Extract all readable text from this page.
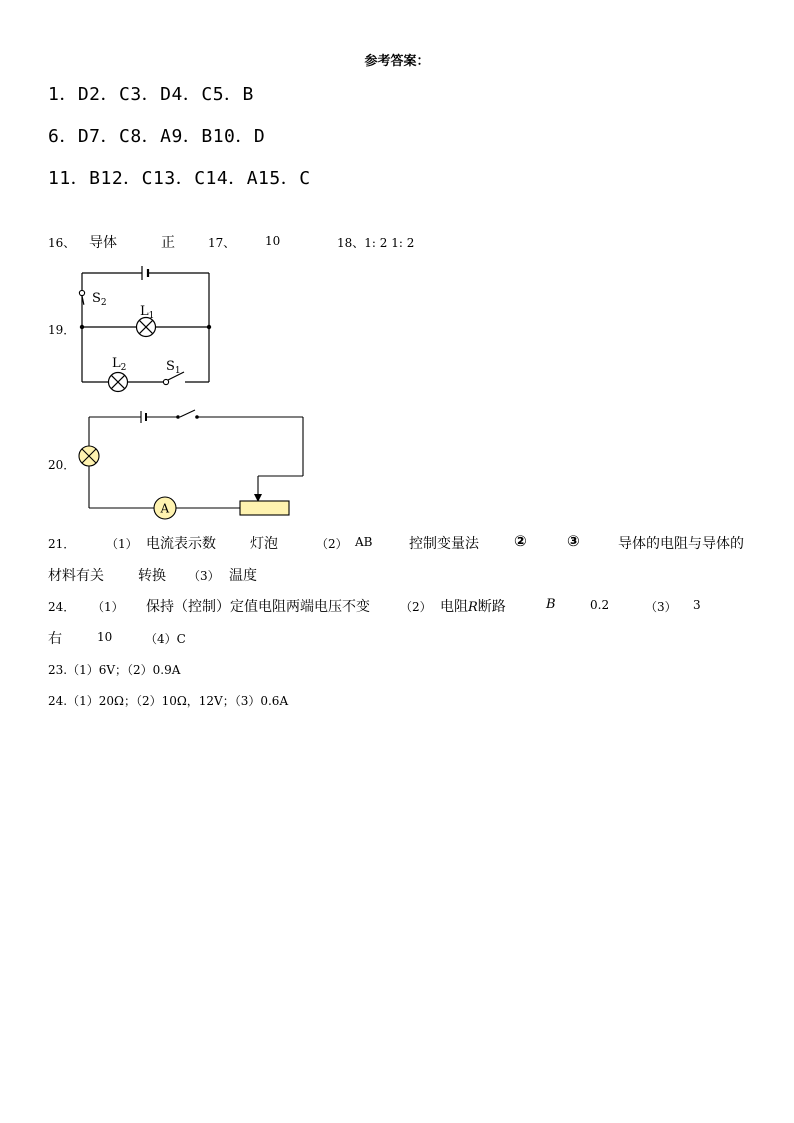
参考答案：
1．D2．C3．D4．C5．B
6．D7．C8．A9．B10．D
11．B12．C13．C14．A15．C
16、 导体	正	17、 10	18、1: 2 1: 2
19．
$S_2$
$L_1$
$L_2$	$S_1$
20．
A
21．	（1） 电流表示数 灯泡	（2） AB	控制变量法 ②	③	导体的电阻与导体的
材料有关 转换 （3） 温度
24． （1） 保持（控制）定值电阻两端电压不变	（2） 电阻R断路	B	0.2	（3） 3
右	10	（4）C
23.（1）6V；（2）0.9A
24.（1）20Ω；（2）10Ω，12V；（3）0.6A
